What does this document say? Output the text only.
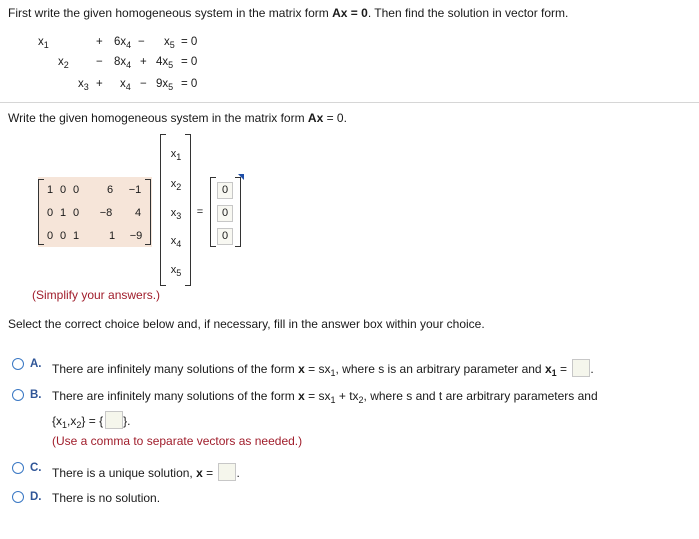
First write the given homogeneous system in the matrix form Ax = 0. Then find the solution in vector form.
$x_1$	+ $6x_4 - x_5 = 0$
$x_2 - 8x_4 + 4x_5 = 0$
$x_3 + x_4 - 9x_5 = 0$
Write the given homogeneous system in the matrix form Ax = 0.
1 0 0	6	−1
0 1 0	−8	4
0 0 1	1	−9
$x_1$
$x_2$
$x_3$
$x_4$
$x_5$
=
0
0
0
(Simplify your answers.)
Select the correct choice below and, if necessary, fill in the answer box within your choice.
A. There are infinitely many solutions of the form $x = sx_1$, where s is an arbitrary parameter and $x_1$ = .
B. There are infinitely many solutions of the form $x = sx_1 + tx_2$, where s and t are arbitrary parameters and
$\{x_1,x_2\}$ = { }.
(Use a comma to separate vectors as needed.)
C. There is a unique solution, x = .
D. There is no solution.
